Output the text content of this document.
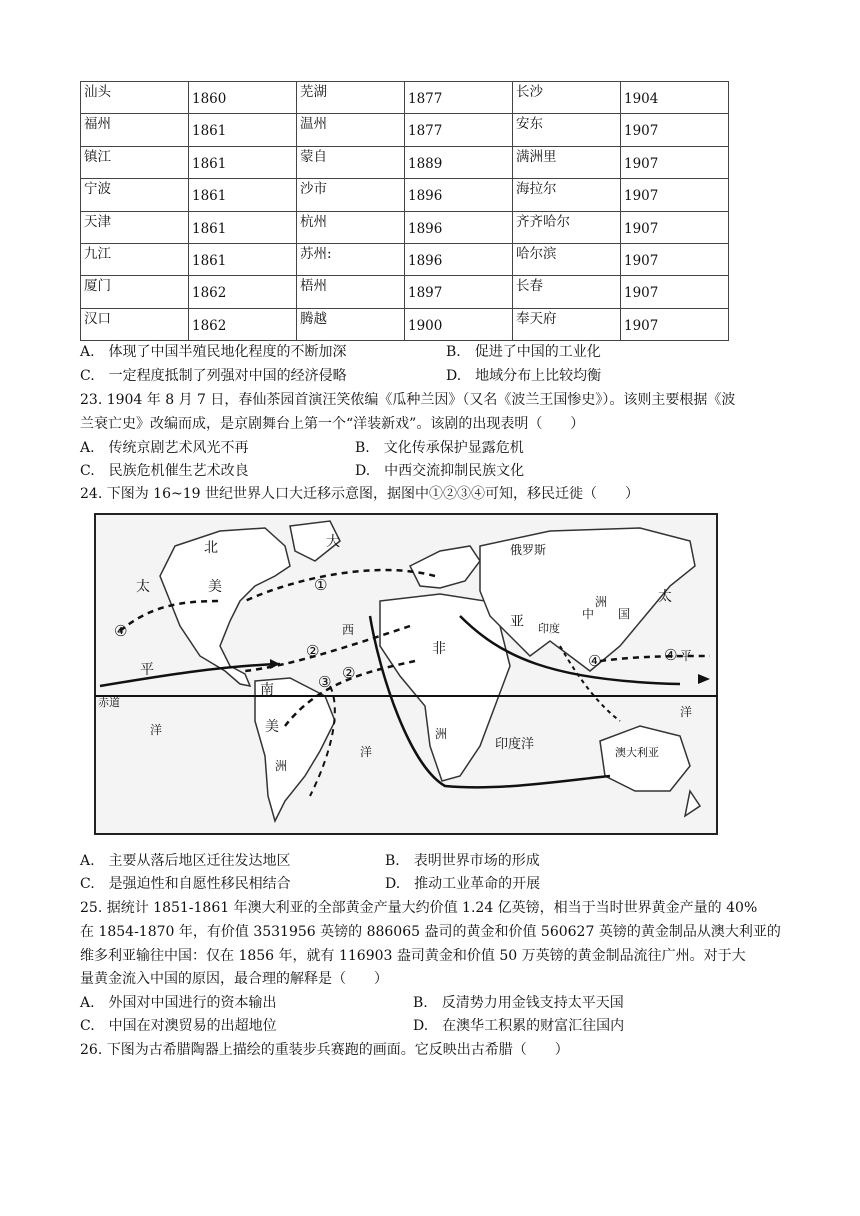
汕头	1860	芜湖	1877	长沙	1904
福州	1861	温州	1877	安东	1907
镇江	1861	蒙自	1889	满洲里	1907
宁波	1861	沙市	1896	海拉尔	1907
天津	1861	杭州	1896	齐齐哈尔	1907
九江	1861	苏州:	1896	哈尔滨	1907
厦门	1862	梧州	1897	长春	1907
汉口	1862	腾越	1900	奉天府	1907
A.　体现了中国半殖民地化程度的不断加深	B.　促进了中国的工业化
C.　一定程度抵制了列强对中国的经济侵略	D.　地域分布上比较均衡
23. 1904 年 8 月 7 日，春仙茶园首演汪笑侬编《瓜种兰因》（又名《波兰王国惨史》）。该则主要根据《波
兰衰亡史》改编而成，是京剧舞台上第一个“洋装新戏”。该剧的出现表明（　　）
A.　传统京剧艺术风光不再	B.　文化传承保护显露危机
C.　民族危机催生艺术改良	D.　中西交流抑制民族文化
24. 下图为 16~19 世纪世界人口大迁移示意图，据图中①②③④可知，移民迁徙（　　）
北	大
太	美
太
俄罗斯
亚	中
洲
国
印度
非
平
平
赤道
南
美
洲
洲
洋
洋
洋
印度洋
澳大利亚
西
①
②
②
③
④
④	④
A.　主要从落后地区迁往发达地区	B.　表明世界市场的形成
C.　是强迫性和自愿性移民相结合	D.　推动工业革命的开展
25. 据统计 1851-1861 年澳大利亚的全部黄金产量大约价值 1.24 亿英镑，相当于当时世界黄金产量的 40%
在 1854-1870 年，有价值 3531956 英镑的 886065 盎司的黄金和价值 560627 英镑的黄金制品从澳大利亚的
维多利亚输往中国：仅在 1856 年，就有 116903 盎司黄金和价值 50 万英镑的黄金制品流往广州。对于大
量黄金流入中国的原因，最合理的解释是（　　）
A.　外国对中国进行的资本输出	B.　反清势力用金钱支持太平天国
C.　中国在对澳贸易的出超地位	D.　在澳华工积累的财富汇往国内
26. 下图为古希腊陶器上描绘的重装步兵赛跑的画面。它反映出古希腊（　　）
